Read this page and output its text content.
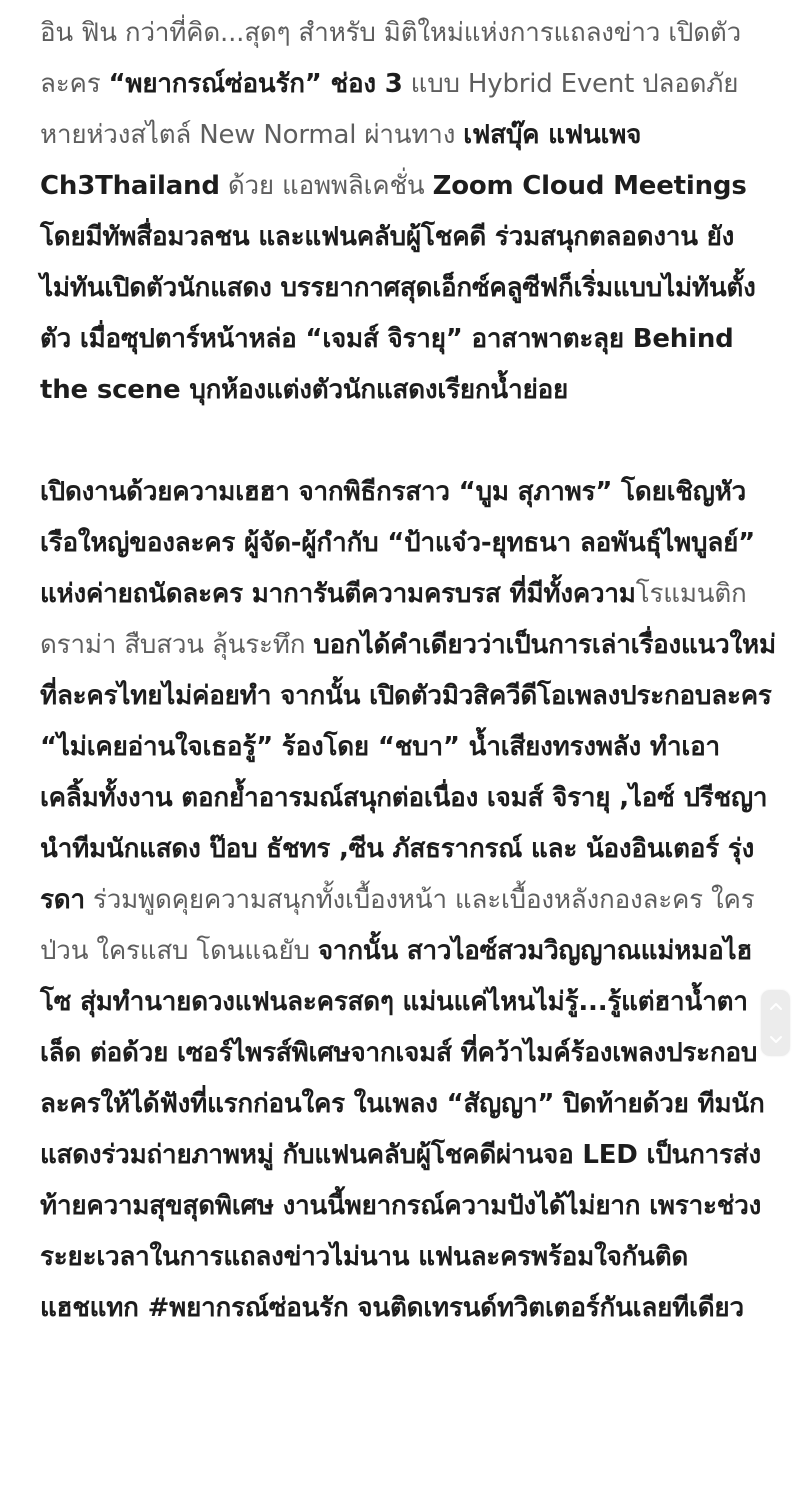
อิน ฟิน กว่าที่คิด...สุดๆ สำหรับ มิติใหม่แห่งการแถลงข่าว เปิดตัวละคร “พยากรณ์ซ่อนรัก” ช่อง 3 แบบ Hybrid Event ปลอดภัยหายห่วงสไตล์ New Normal ผ่านทาง เฟสบุ๊ค แฟนเพจ Ch3Thailand ด้วย แอพพลิเคชั่น Zoom Cloud Meetings โดยมีทัพสื่อมวลชน และแฟนคลับผู้โชคดี ร่วมสนุกตลอดงาน ยังไม่ทันเปิดตัวนักแสดง บรรยากาศสุดเอ็กซ์คลูซีฟก็เริ่มแบบไม่ทันตั้งตัว เมื่อซุปตาร์หน้าหล่อ “เจมส์ จิรายุ” อาสาพาตะลุย Behind the scene บุกห้องแต่งตัวนักแสดงเรียกน้ำย่อย

เปิดงานด้วยความเฮฮา จากพิธีกรสาว “บูม สุภาพร” โดยเชิญหัวเรือใหญ่ของละคร ผู้จัด-ผู้กำกับ “ป้าแจ๋ว-ยุทธนา ลอพันธุ์ไพบูลย์” แห่งค่ายถนัดละคร มาการันตีความครบรส ที่มีทั้งความโรแมนติก ดราม่า สืบสวน ลุ้นระทึก บอกได้คำเดียวว่าเป็นการเล่าเรื่องแนวใหม่ ที่ละครไทยไม่ค่อยทำ จากนั้น เปิดตัวมิวสิควีดีโอเพลงประกอบละคร “ไม่เคยอ่านใจเธอรู้” ร้องโดย “ชบา” น้ำเสียงทรงพลัง ทำเอาเคลิ้มทั้งงาน ตอกย้ำอารมณ์สนุกต่อเนื่อง เจมส์ จิรายุ ,ไอซ์ ปรีชญา นำทีมนักแสดง ป๊อบ ธัชทร ,ซีน ภัสธรากรณ์ และ น้องอินเตอร์ รุ่งรดา ร่วมพูดคุยความสนุกทั้งเบื้องหน้า และเบื้องหลังกองละคร ใครป่วน ใครแสบ โดนแฉยับ จากนั้น สาวไอซ์สวมวิญญาณแม่หมอไฮโซ สุ่มทำนายดวงแฟนละครสดๆ แม่นแค่ไหนไม่รู้...รู้แต่ฮาน้ำตาเล็ด ต่อด้วย เซอร์ไพรส์พิเศษจากเจมส์ ที่คว้าไมค์ร้องเพลงประกอบละครให้ได้ฟังที่แรกก่อนใคร ในเพลง “สัญญา” ปิดท้ายด้วย ทีมนักแสดงร่วมถ่ายภาพหมู่ กับแฟนคลับผู้โชคดีผ่านจอ LED เป็นการส่งท้ายความสุขสุดพิเศษ งานนี้พยากรณ์ความปังได้ไม่ยาก เพราะช่วงระยะเวลาในการแถลงข่าวไม่นาน แฟนละครพร้อมใจกันติดแฮชแทก #พยากรณ์ซ่อนรัก จนติดเทรนด์ทวิตเตอร์กันเลยทีเดียว
